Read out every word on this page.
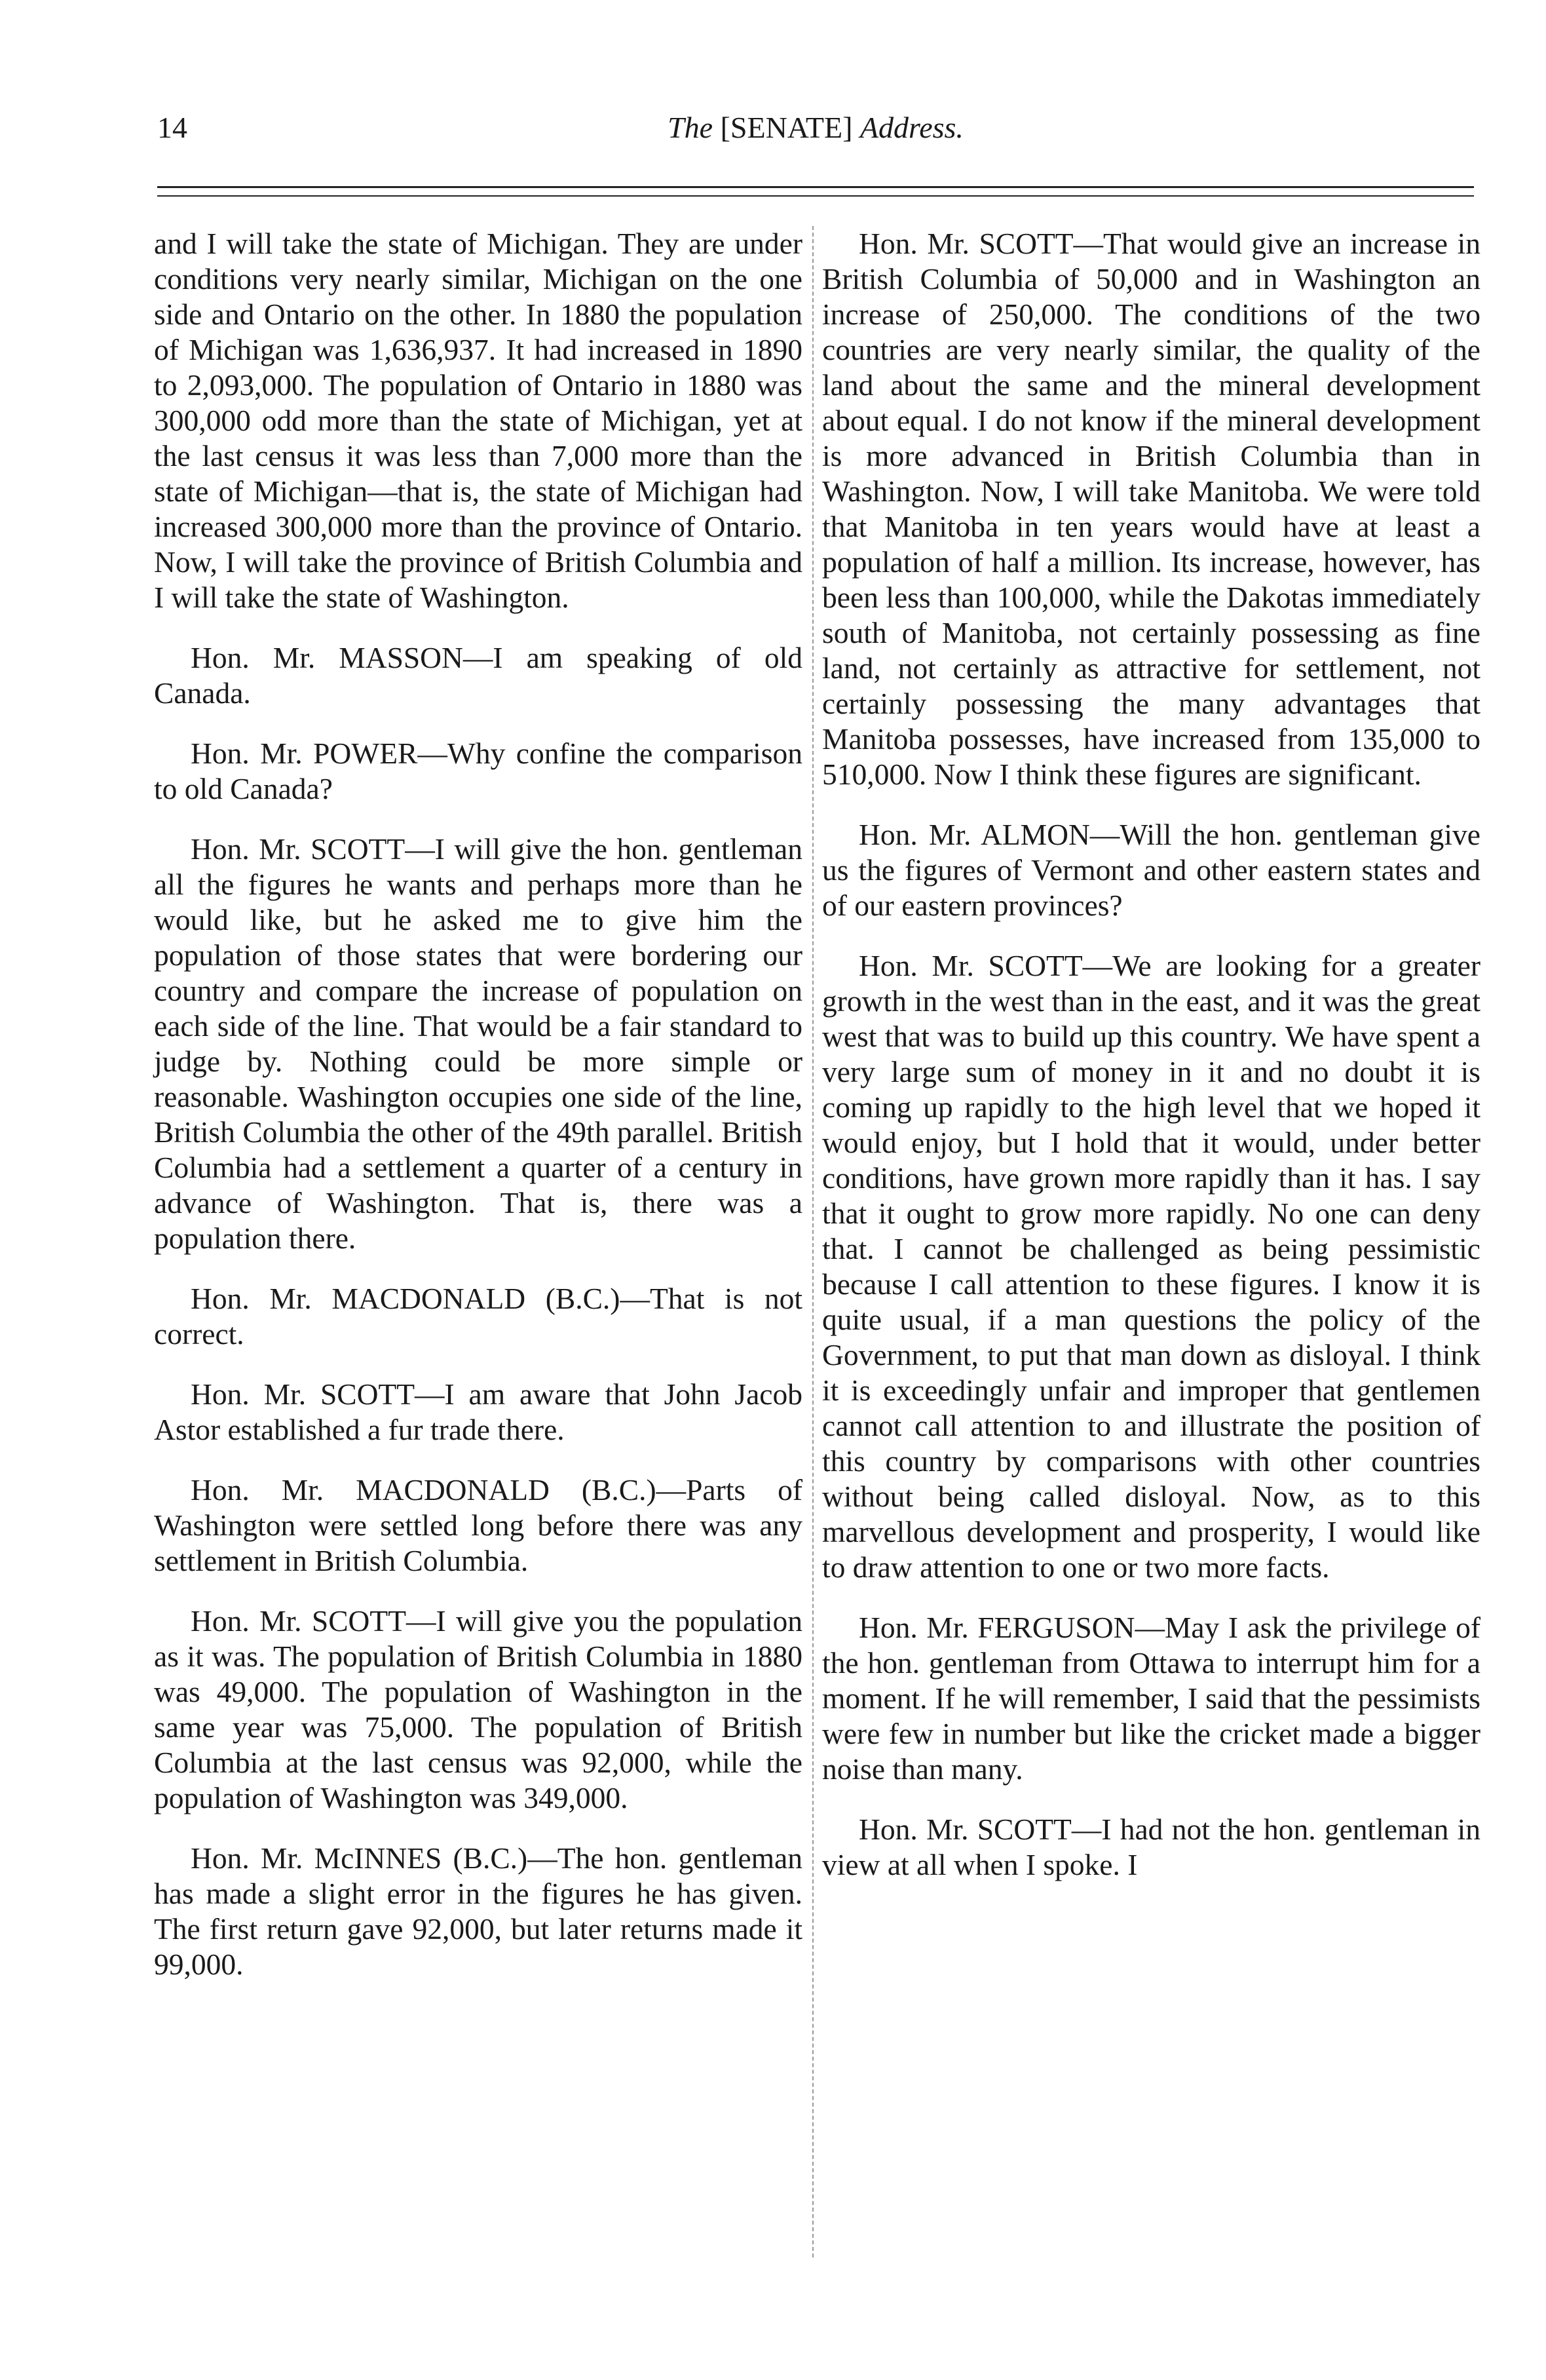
14	The [SENATE] Address.

and I will take the state of Michigan. They are under conditions very nearly similar, Michigan on the one side and Ontario on the other. In 1880 the population of Michigan was 1,636,937. It had increased in 1890 to 2,093,000. The population of Ontario in 1880 was 300,000 odd more than the state of Michigan, yet at the last census it was less than 7,000 more than the state of Michigan—that is, the state of Michigan had increased 300,000 more than the province of Ontario. Now, I will take the province of British Columbia and I will take the state of Washington.

Hon. Mr. MASSON—I am speaking of old Canada.

Hon. Mr. POWER—Why confine the comparison to old Canada?

Hon. Mr. SCOTT—I will give the hon. gentleman all the figures he wants and perhaps more than he would like, but he asked me to give him the population of those states that were bordering our country and compare the increase of population on each side of the line. That would be a fair standard to judge by. Nothing could be more simple or reasonable. Washington occupies one side of the line, British Columbia the other of the 49th parallel. British Columbia had a settlement a quarter of a century in advance of Washington. That is, there was a population there.

Hon. Mr. MACDONALD (B.C.)—That is not correct.

Hon. Mr. SCOTT—I am aware that John Jacob Astor established a fur trade there.

Hon. Mr. MACDONALD (B.C.)—Parts of Washington were settled long before there was any settlement in British Columbia.

Hon. Mr. SCOTT—I will give you the population as it was. The population of British Columbia in 1880 was 49,000. The population of Washington in the same year was 75,000. The population of British Columbia at the last census was 92,000, while the population of Washington was 349,000.

Hon. Mr. McINNES (B.C.)—The hon. gentleman has made a slight error in the figures he has given. The first return gave 92,000, but later returns made it 99,000.

Hon. Mr. SCOTT—That would give an increase in British Columbia of 50,000 and in Washington an increase of 250,000. The conditions of the two countries are very nearly similar, the quality of the land about the same and the mineral development about equal. I do not know if the mineral development is more advanced in British Columbia than in Washington. Now, I will take Manitoba. We were told that Manitoba in ten years would have at least a population of half a million. Its increase, however, has been less than 100,000, while the Dakotas immediately south of Manitoba, not certainly possessing as fine land, not certainly as attractive for settlement, not certainly possessing the many advantages that Manitoba possesses, have increased from 135,000 to 510,000. Now I think these figures are significant.

Hon. Mr. ALMON—Will the hon. gentleman give us the figures of Vermont and other eastern states and of our eastern provinces?

Hon. Mr. SCOTT—We are looking for a greater growth in the west than in the east, and it was the great west that was to build up this country. We have spent a very large sum of money in it and no doubt it is coming up rapidly to the high level that we hoped it would enjoy, but I hold that it would, under better conditions, have grown more rapidly than it has. I say that it ought to grow more rapidly. No one can deny that. I cannot be challenged as being pessimistic because I call attention to these figures. I know it is quite usual, if a man questions the policy of the Government, to put that man down as disloyal. I think it is exceedingly unfair and improper that gentlemen cannot call attention to and illustrate the position of this country by comparisons with other countries without being called disloyal. Now, as to this marvellous development and prosperity, I would like to draw attention to one or two more facts.

Hon. Mr. FERGUSON—May I ask the privilege of the hon. gentleman from Ottawa to interrupt him for a moment. If he will remember, I said that the pessimists were few in number but like the cricket made a bigger noise than many.

Hon. Mr. SCOTT—I had not the hon. gentleman in view at all when I spoke. I
